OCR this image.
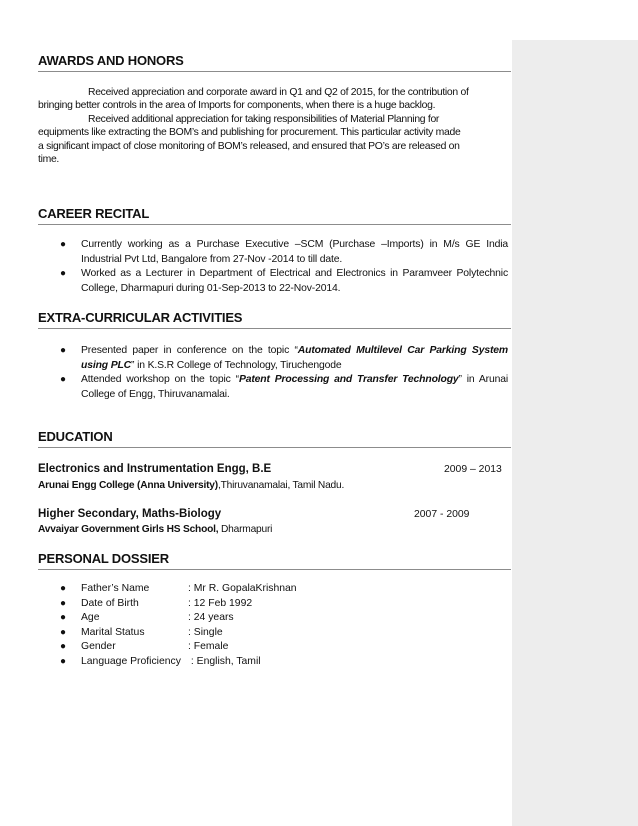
AWARDS AND HONORS
Received appreciation and corporate award in Q1 and Q2 of 2015, for the contribution of
bringing better controls in the area of Imports for components, when there is a huge backlog.
Received additional appreciation for taking responsibilities of Material Planning for
equipments like extracting the BOM’s and publishing for procurement. This particular activity made
a significant impact of close monitoring of BOM’s released, and ensured that PO’s are released on
time.
CAREER RECITAL
● Currently working as a Purchase Executive –SCM (Purchase –Imports) in M/s GE India Industrial Pvt Ltd, Bangalore from 27-Nov -2014 to till date.
● Worked as a Lecturer in Department of Electrical and Electronics in Paramveer Polytechnic College, Dharmapuri during 01-Sep-2013 to 22-Nov-2014.
EXTRA-CURRICULAR ACTIVITIES
● Presented paper in conference on the topic “Automated Multilevel Car Parking System using PLC” in K.S.R College of Technology, Tiruchengode
● Attended workshop on the topic “Patent Processing and Transfer Technology” in Arunai College of Engg, Thiruvanamalai.
EDUCATION
Electronics and Instrumentation Engg, B.E	2009 – 2013
Arunai Engg College (Anna University),Thiruvanamalai, Tamil Nadu.
Higher Secondary, Maths-Biology	2007 - 2009
Avvaiyar Government Girls HS School, Dharmapuri
PERSONAL DOSSIER
● Father’s Name	: Mr R. GopalaKrishnan
● Date of Birth	: 12 Feb 1992
● Age	: 24 years
● Marital Status	: Single
● Gender	: Female
● Language Proficiency : English, Tamil
